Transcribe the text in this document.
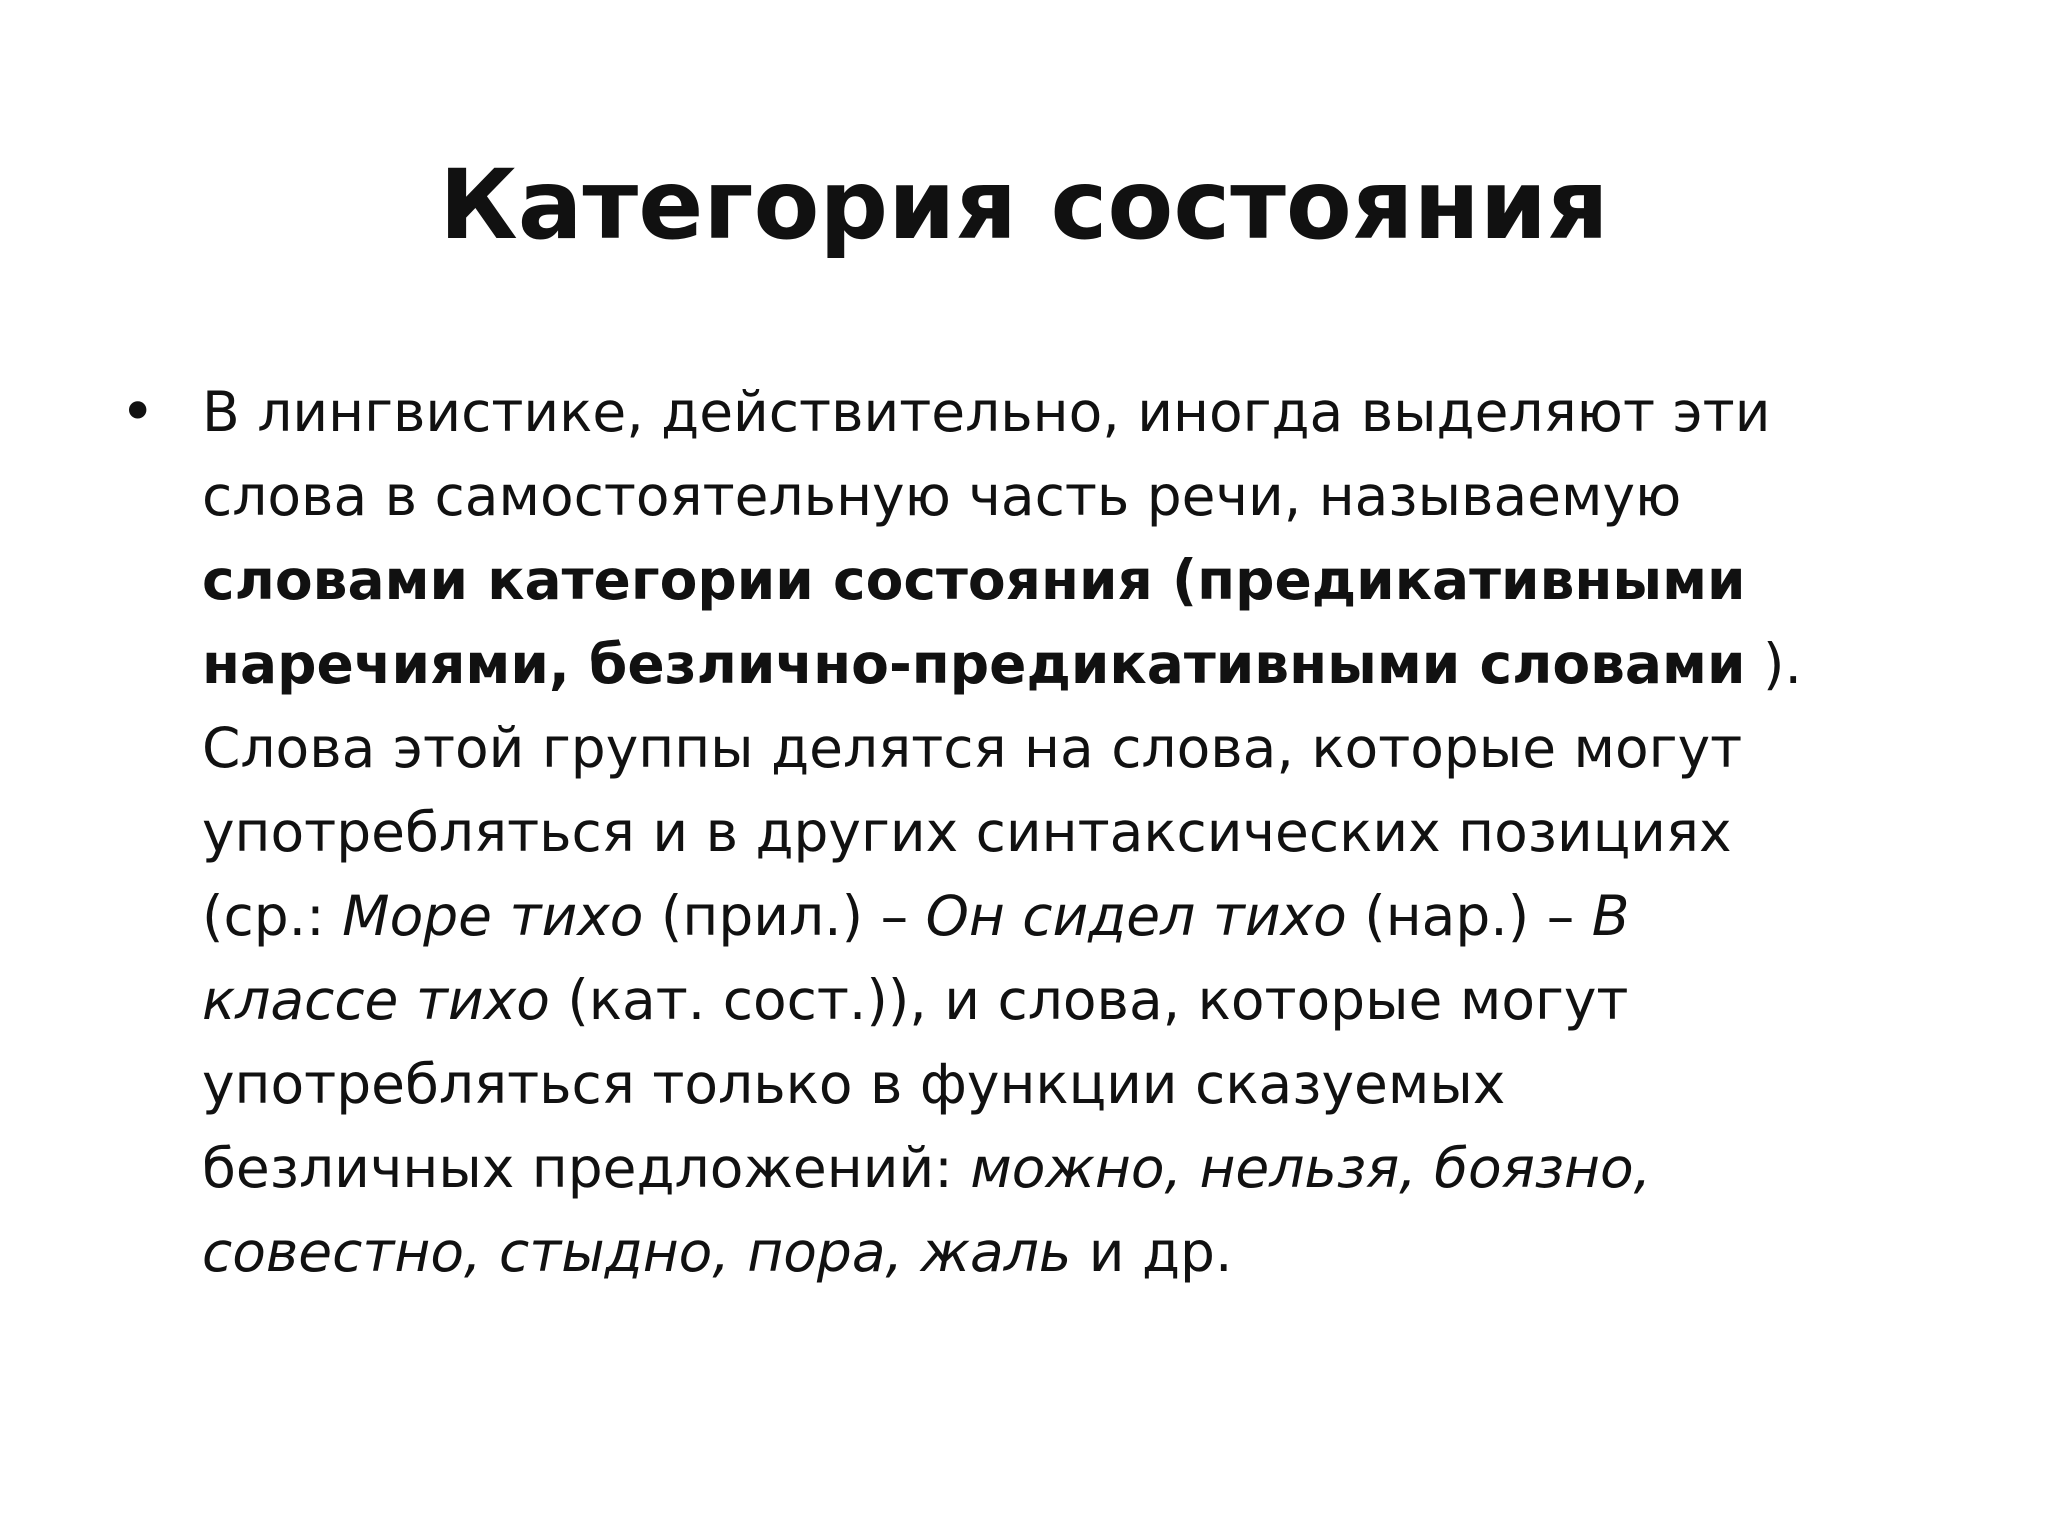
Категория состояния
• В лингвистике, действительно, иногда выделяют эти
слова в самостоятельную часть речи, называемую
словами категории состояния (предикативными
наречиями, безлично-предикативными словами ).
Слова этой группы делятся на слова, которые могут
употребляться и в других синтаксических позициях
(ср.: Море тихо (прил.) – Он сидел тихо (нар.) – В
классе тихо (кат. сост.)), и слова, которые могут
употребляться только в функции сказуемых
безличных предложений: можно, нельзя, боязно,
совестно, стыдно, пора, жаль и др.
